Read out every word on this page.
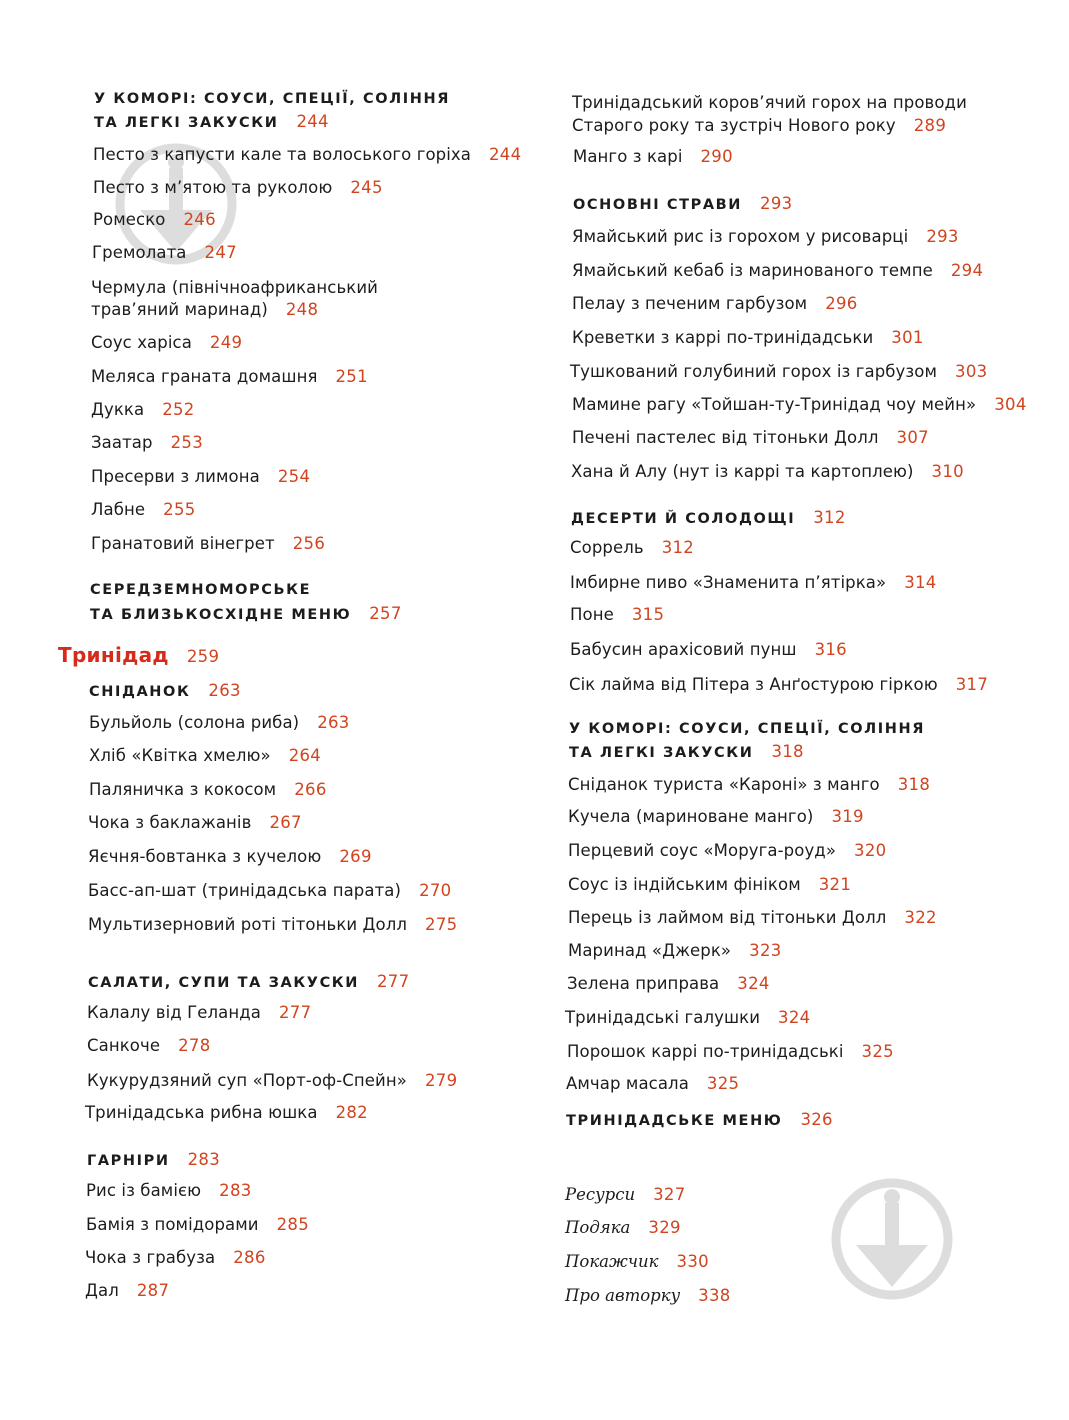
У КОМОРІ: СОУСИ, СПЕЦІЇ, СОЛІННЯ
ТА ЛЕГКІ ЗАКУСКИ 244
Песто з капусти кале та волоського горіха 244
Песто з м’ятою та руколою 245
Ромеско 246
Гремолата 247
Чермула (північноафриканський
трав’яний маринад) 248
Соус харіса 249
Меляса граната домашня 251
Дукка 252
Заатар 253
Пресерви з лимона 254
Лабне 255
Гранатовий вінегрет 256
СЕРЕДЗЕМНОМОРСЬКЕ
ТА БЛИЗЬКОСХІДНЕ МЕНЮ 257
Тринідад 259
СНІДАНОК 263
Бульйоль (солона риба) 263
Хліб «Квітка хмелю» 264
Паляничка з кокосом 266
Чока з баклажанів 267
Яєчня-бовтанка з кучелою 269
Басс-ап-шат (тринідадська парата) 270
Мультизерновий роті тітоньки Долл 275
САЛАТИ, СУПИ ТА ЗАКУСКИ 277
Калалу від Геланда 277
Санкоче 278
Кукурудзяний суп «Порт-оф-Спейн» 279
Тринідадська рибна юшка 282
ГАРНІРИ 283
Рис із бамією 283
Бамія з помідорами 285
Чока з грабуза 286
Дал 287
Тринідадський коров’ячий горох на проводи
Старого року та зустріч Нового року 289
Манго з карі 290
ОСНОВНІ СТРАВИ 293
Ямайський рис із горохом у рисоварці 293
Ямайський кебаб із маринованого темпе 294
Пелау з печеним гарбузом 296
Креветки з каррі по-тринідадськи 301
Тушкований голубиний горох із гарбузом 303
Мамине рагу «Тойшан-ту-Тринідад чоу мейн» 304
Печені пастелес від тітоньки Долл 307
Хана й Алу (нут із каррі та картоплею) 310
ДЕСЕРТИ Й СОЛОДОЩІ 312
Соррель 312
Імбирне пиво «Знаменита п’ятірка» 314
Поне 315
Бабусин арахісовий пунш 316
Сік лайма від Пітера з Анґостурою гіркою 317
У КОМОРІ: СОУСИ, СПЕЦІЇ, СОЛІННЯ
ТА ЛЕГКІ ЗАКУСКИ 318
Сніданок туриста «Кароні» з манго 318
Кучела (мариноване манго) 319
Перцевий соус «Моруга-роуд» 320
Соус із індійським фініком 321
Перець із лаймом від тітоньки Долл 322
Маринад «Джерк» 323
Зелена приправа 324
Тринідадські галушки 324
Порошок каррі по-тринідадські 325
Амчар масала 325
ТРИНІДАДСЬКЕ МЕНЮ 326
Ресурси 327
Подяка 329
Покажчик 330
Про авторку 338
